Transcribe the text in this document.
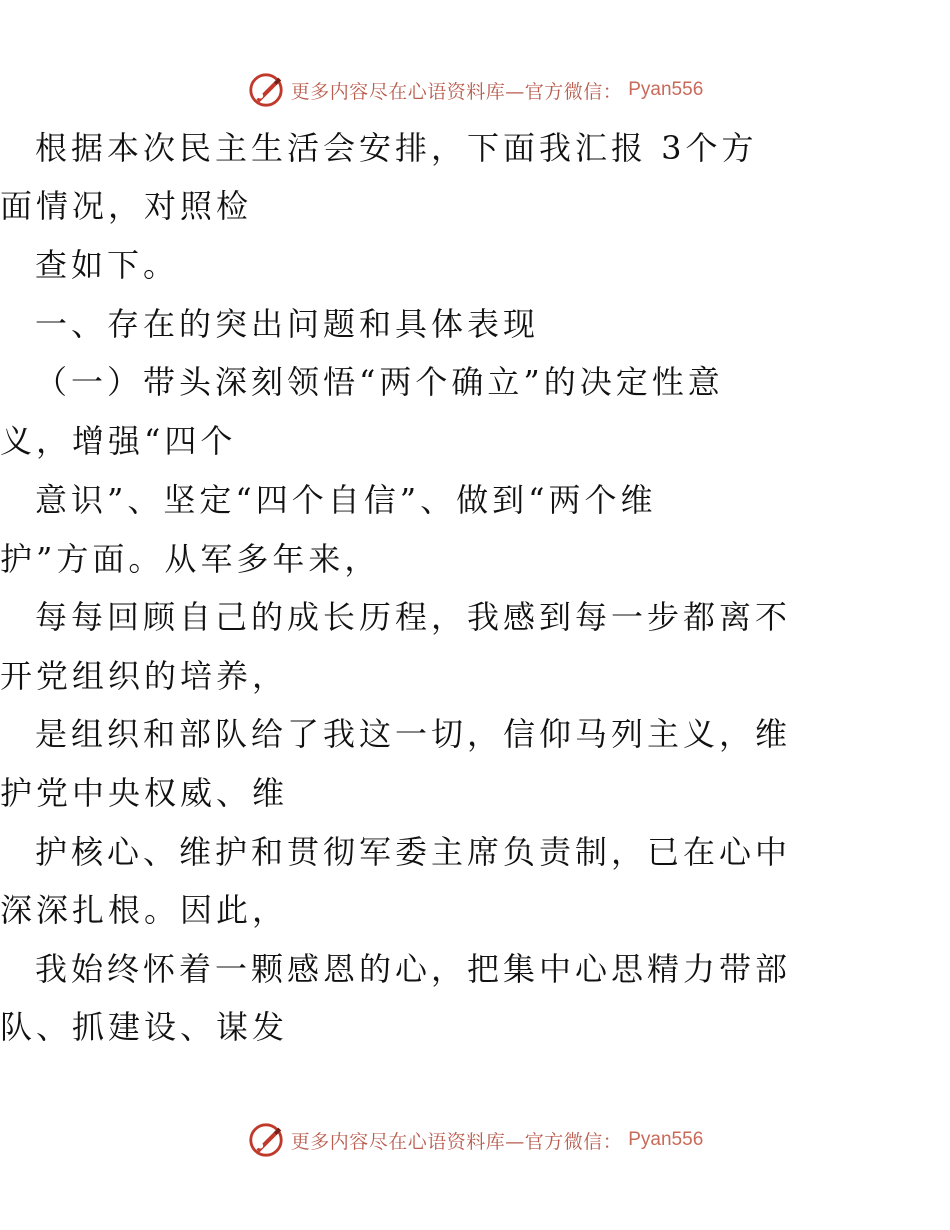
更多内容尽在心语资料库—官方微信： Pyan556
根据本次民主生活会安排，下面我汇报 3个方
面情况，对照检
查如下。
一、存在的突出问题和具体表现
（一）带头深刻领悟“两个确立”的决定性意
义，增强“四个
意识”、坚定“四个自信”、做到“两个维
护”方面。从军多年来，
每每回顾自己的成长历程，我感到每一步都离不
开党组织的培养，
是组织和部队给了我这一切，信仰马列主义，维
护党中央权威、维
护核心、维护和贯彻军委主席负责制，已在心中
深深扎根。因此，
我始终怀着一颗感恩的心，把集中心思精力带部
队、抓建设、谋发
更多内容尽在心语资料库—官方微信： Pyan556
